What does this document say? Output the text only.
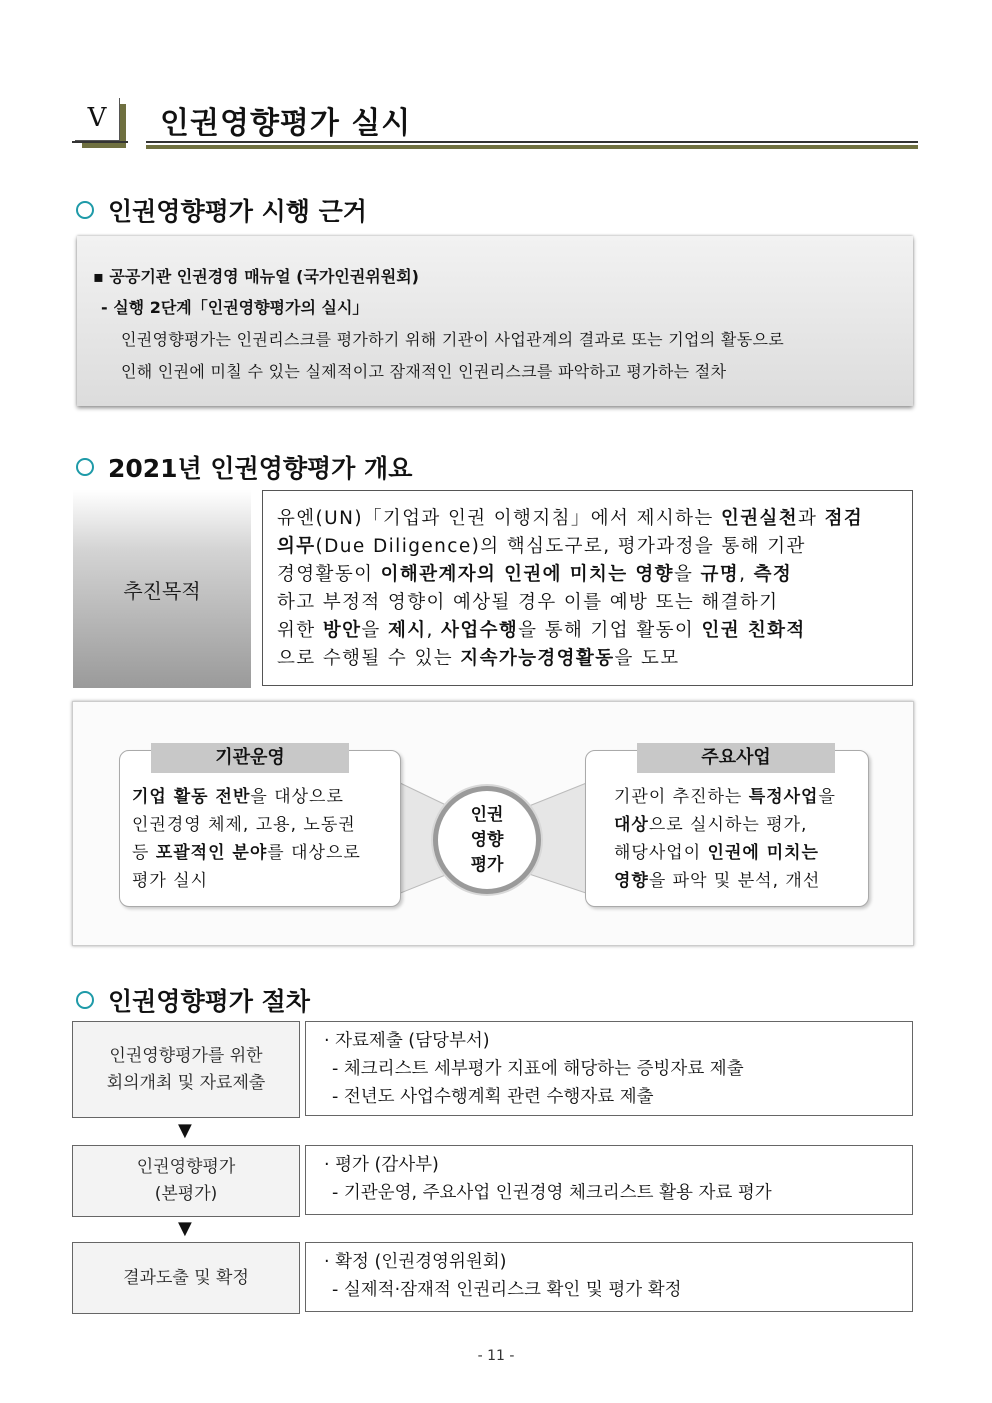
V	인권영향평가 실시
인권영향평가 시행 근거
▪ 공공기관 인권경영 매뉴얼 (국가인권위원회)
- 실행 2단계「인권영향평가의 실시」
인권영향평가는 인권리스크를 평가하기 위해 기관이 사업관계의 결과로 또는 기업의 활동으로
인해 인권에 미칠 수 있는 실제적이고 잠재적인 인권리스크를 파악하고 평가하는 절차
2021년 인권영향평가 개요
추진목적
유엔(UN)「기업과 인권 이행지침」에서 제시하는 인권실천과 점검
의무(Due Diligence)의 핵심도구로, 평가과정을 통해 기관
경영활동이 이해관계자의 인권에 미치는 영향을 규명, 측정
하고 부정적 영향이 예상될 경우 이를 예방 또는 해결하기
위한 방안을 제시, 사업수행을 통해 기업 활동이 인권 친화적
으로 수행될 수 있는 지속가능경영활동을 도모
기업 활동 전반을 대상으로
인권경영 체제, 고용, 노동권
등 포괄적인 분야를 대상으로
평가 실시
기관운영
기관이 추진하는 특정사업을
대상으로 실시하는 평가,
해당사업이 인권에 미치는
영향을 파악 및 분석, 개선
주요사업
인권
영향
평가
인권영향평가 절차
인권영향평가를 위한
회의개최 및 자료제출
· 자료제출 (담당부서)
- 체크리스트 세부평가 지표에 해당하는 증빙자료 제출
- 전년도 사업수행계획 관련 수행자료 제출
▼
인권영향평가
(본평가)
· 평가 (감사부)
- 기관운영, 주요사업 인권경영 체크리스트 활용 자료 평가
▼
결과도출 및 확정
· 확정 (인권경영위원회)
- 실제적·잠재적 인권리스크 확인 및 평가 확정
- 11 -
